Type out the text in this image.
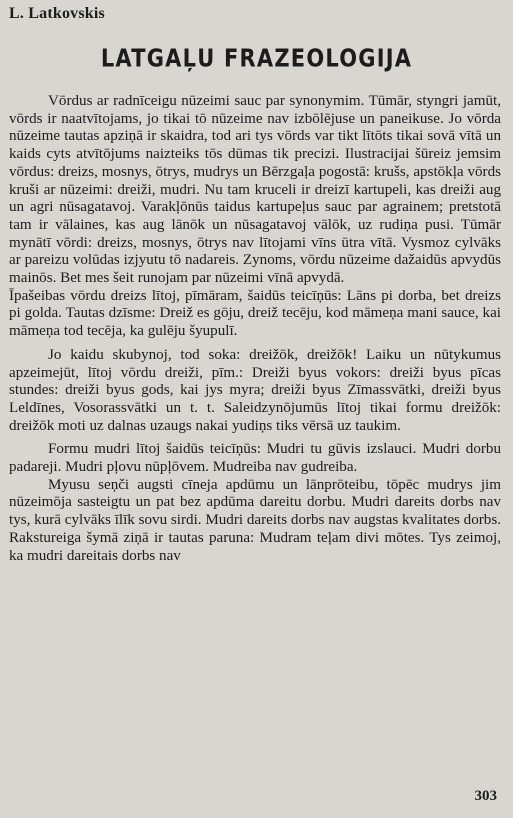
L. Latkovskis
LATGAĻU FRAZEOLOGIJA

Vōrdus ar radnīceigu nūzeimi sauc par synonymim. Tūmār, styngri jamūt, vōrds ir naatvītojams, jo tikai tō nūzeime nav izbōlējuse un paneikuse. Jo vōrda nūzeime tautas apziņā ir skaidra, tod ari tys vōrds var tikt lītōts tikai sovā vītā un kaids cyts atvītōjums naizteiks tōs dūmas tik precizi. Ilustracijai šūreiz jemsim vōrdus: dreizs, mosnys, ōtrys, mudrys un Bērzgaļa pogostā: krušs, apstōkļa vōrds kruši ar nūzeimi: dreiži, mudri. Nu tam kruceli ir dreizī kartupeli, kas dreiži aug un agri nūsagatavoj. Varakļōnūs taidus kartupeļus sauc par agrainem; pretstotā tam ir vālaines, kas aug lānōk un nūsagatavoj vālōk, uz rudiņa pusi. Tūmār mynātī vōrdi: dreizs, mosnys, ōtrys nav lītojami vīns ūtra vītā. Vysmoz cylvāks ar pareizu volūdas izjyutu tō nadareis. Zynoms, vōrdu nūzeime dažaidūs apvydūs mainōs. Bet mes šeit runojam par nūzeimi vīnā apvydā.

Īpašeibas vōrdu dreizs lītoj, pīmāram, šaidūs teicīņūs: Lāns pi dorba, bet dreizs pi golda. Tautas dzīsme: Dreiž es gōju, dreiž tecēju, kod māmeņa mani sauce, kai māmeņa tod tecēja, ka gulēju šyupulī.

Jo kaidu skubynoj, tod soka: dreižōk, dreižōk! Laiku un nūtykumus apzeimejūt, lītoj vōrdu dreiži, pīm.: Dreiži byus vokors: dreiži byus pīcas stundes: dreiži byus gods, kai jys myra; dreiži byus Zīmassvātki, dreiži byus Leldīnes, Vosorassvātki un t. t. Saleidzynōjumūs lītoj tikai formu dreižōk: dreižōk moti uz dalnas uzaugs nakai yudiņs tiks vērsā uz taukim.

Formu mudri lītoj šaidūs teicīņūs: Mudri tu gūvis izslauci. Mudri dorbu padareji. Mudri pļovu nūpļōvem. Mudreiba nav gudreiba.

Myusu seņči augsti cīneja apdūmu un lānprōteibu, tōpēc mudrys jim nūzeimōja sasteigtu un pat bez apdūma dareitu dorbu. Mudri dareits dorbs nav tys, kurā cylvāks īlīk sovu sirdi. Mudri dareits dorbs nav augstas kvalitates dorbs. Rakstureiga šymā ziņā ir tautas paruna: Mudram teļam divi mōtes. Tys zeimoj, ka mudri dareitais dorbs nav

303
